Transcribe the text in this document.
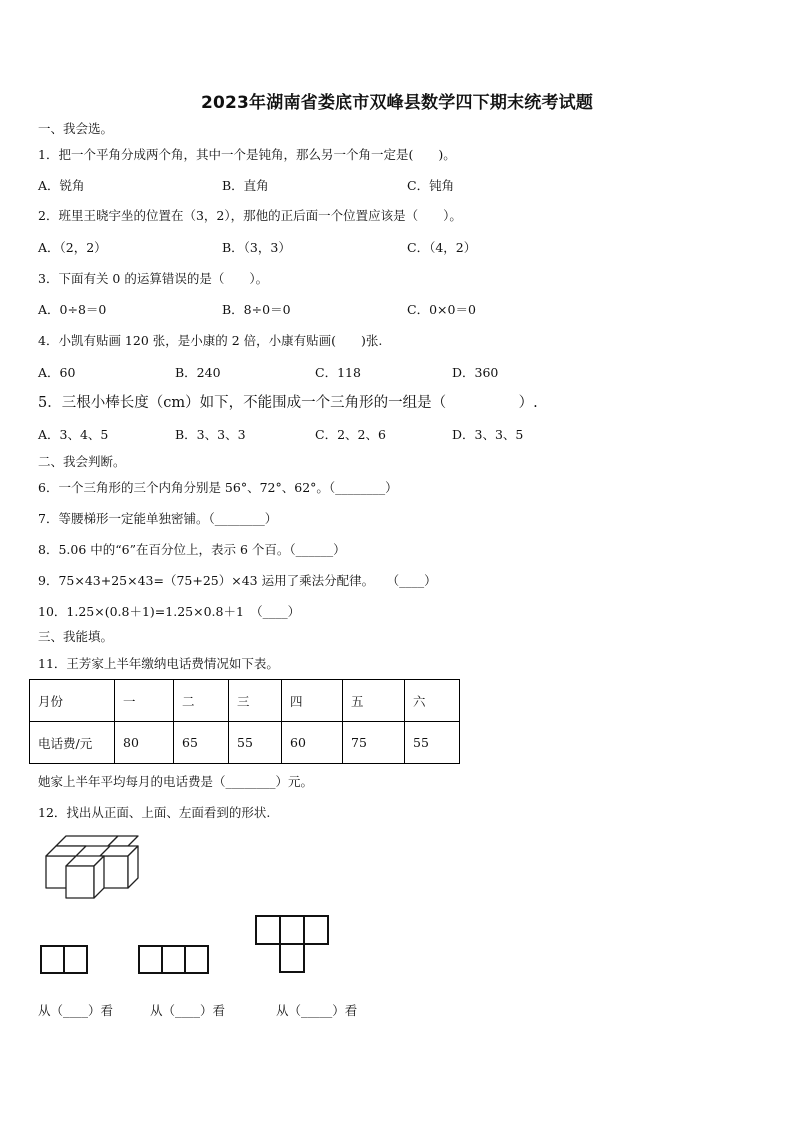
2023年湖南省娄底市双峰县数学四下期末统考试题
一、我会选。
1．把一个平角分成两个角，其中一个是钝角，那么另一个角一定是(　　)。
A．锐角	B．直角	C．钝角
2．班里王晓宇坐的位置在（3，2），那他的正后面一个位置应该是（　　）。
A．（2，2）	B．（3，3）	C．（4，2）
3．下面有关 0 的运算错误的是（　　）。
A．0÷8＝0	B．8÷0＝0	C．0×0＝0
4．小凯有贴画 120 张，是小康的 2 倍，小康有贴画(　　)张.
A．60	B．240	C．118	D．360
5．三根小棒长度（cm）如下，不能围成一个三角形的一组是（　　　　　）.
A．3、4、5	B．3、3、3	C．2、2、6	D．3、3、5
二、我会判断。
6．一个三角形的三个内角分别是 56°、72°、62°。（________）
7．等腰梯形一定能单独密铺。（________）
8．5.06 中的“6”在百分位上，表示 6 个百。（______）
9．75×43+25×43=（75+25）×43 运用了乘法分配律。　　（____）
10．1.25×(0.8＋1)=1.25×0.8＋1　（____）
三、我能填。
11．王芳家上半年缴纳电话费情况如下表。
月份	一	二	三	四	五	六
电话费/元	80	65	55	60	75	55
她家上半年平均每月的电话费是（________）元。
12．找出从正面、上面、左面看到的形状.
从（____）看	从（____）看	从（_____）看
